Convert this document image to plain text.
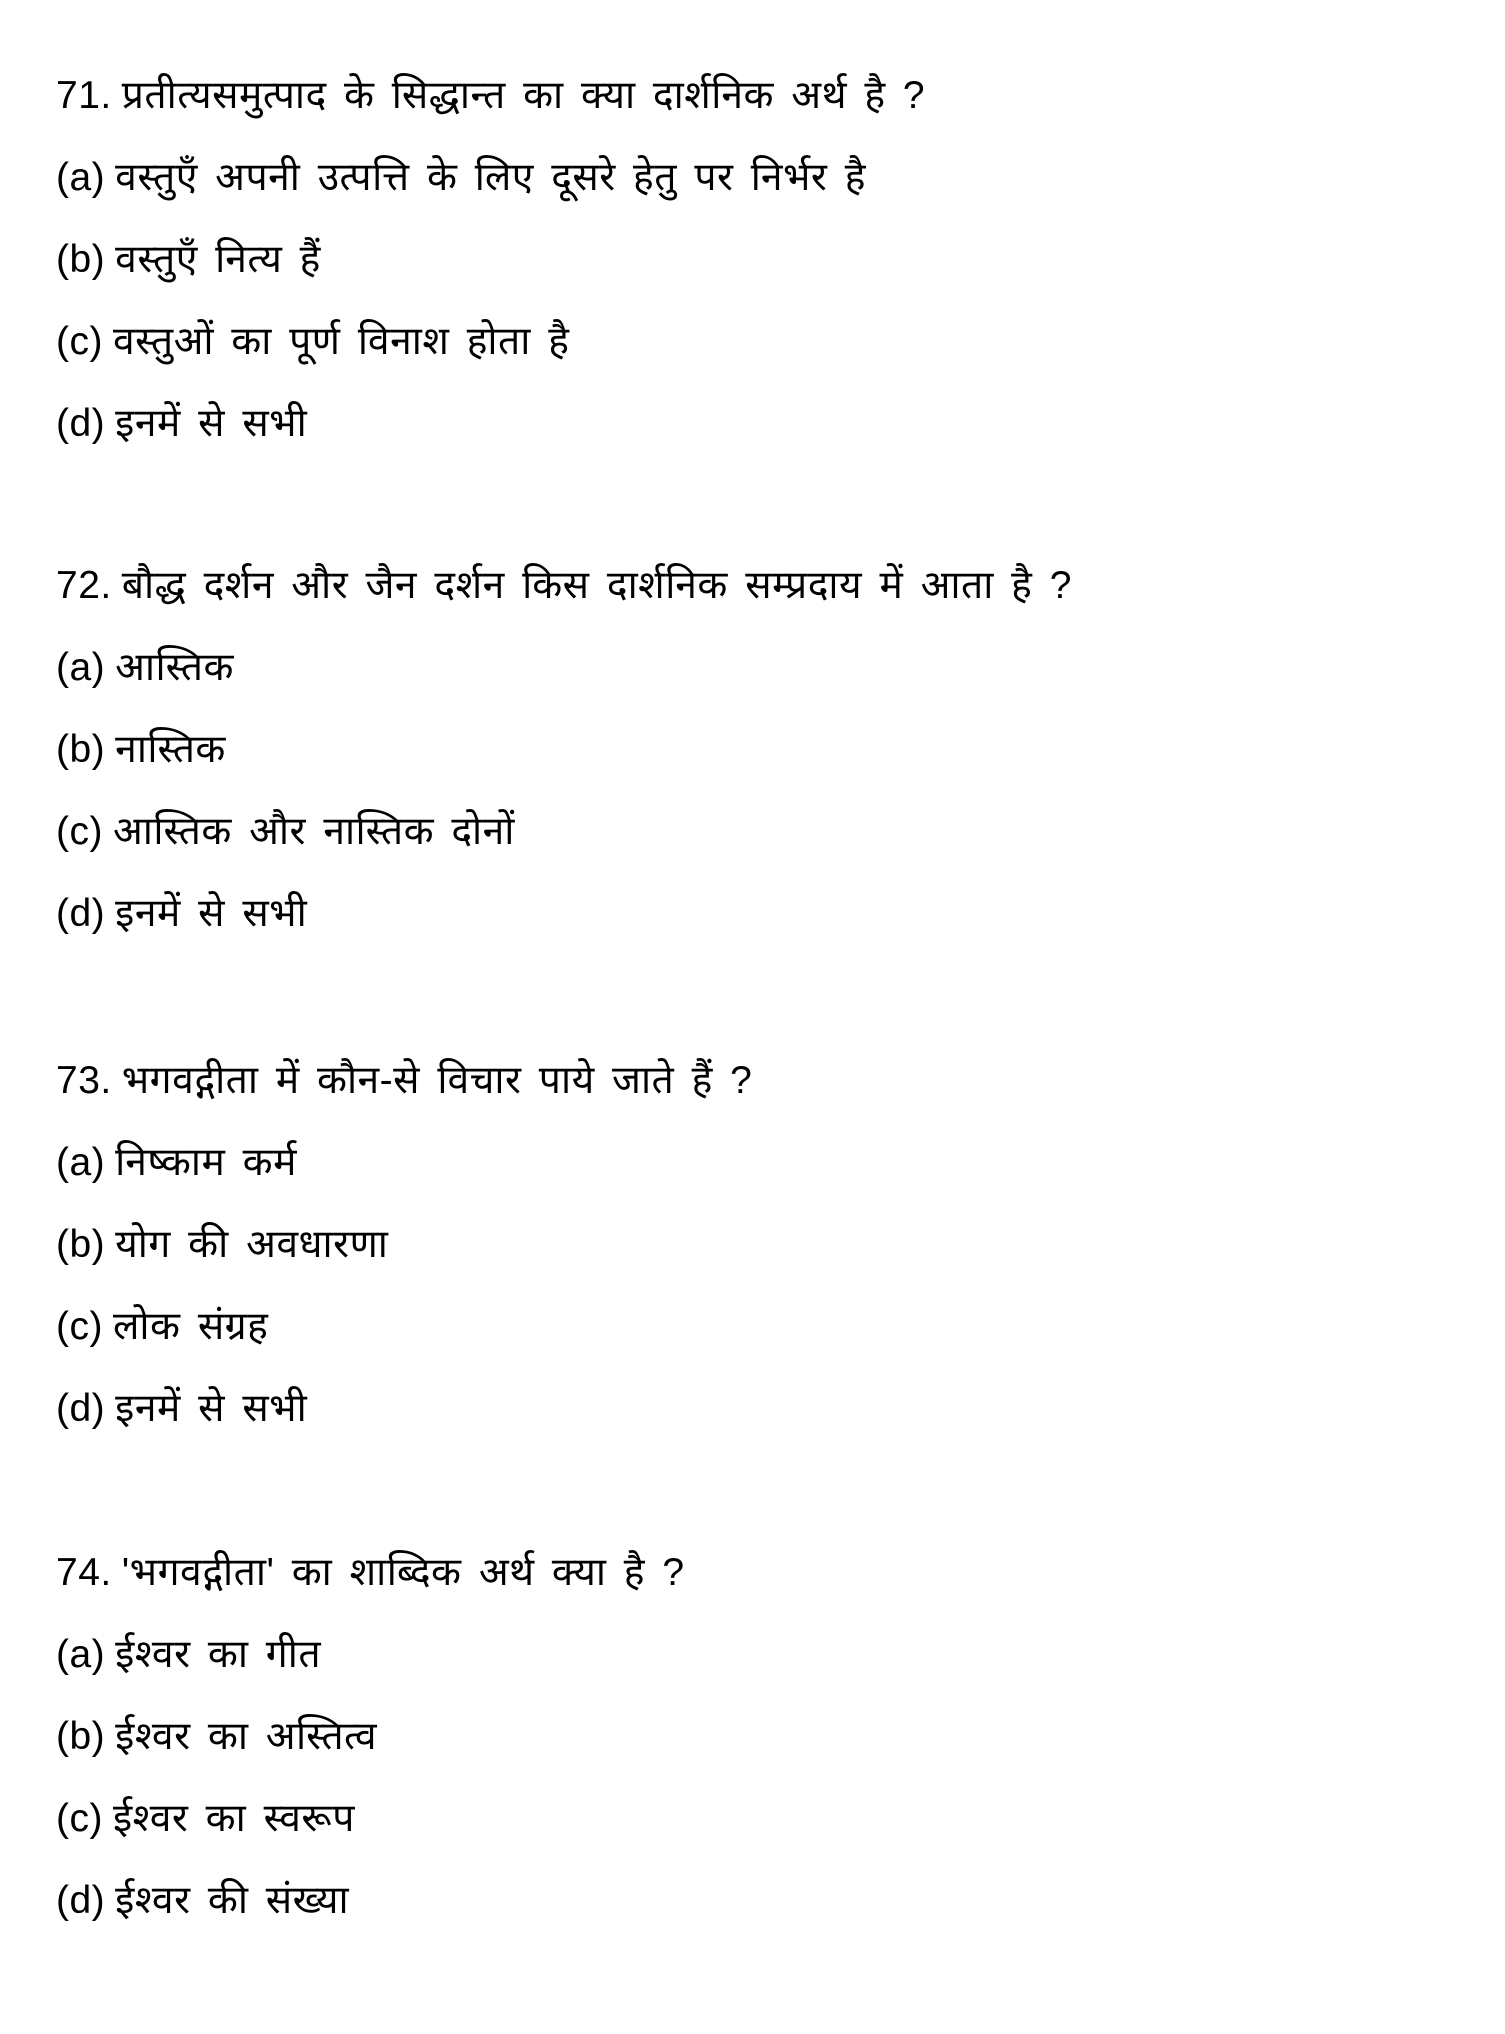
71. प्रतीत्यसमुत्पाद के सिद्धान्त का क्या दार्शनिक अर्थ है ?
(a) वस्तुएँ अपनी उत्पत्ति के लिए दूसरे हेतु पर निर्भर है
(b) वस्तुएँ नित्य हैं
(c) वस्तुओं का पूर्ण विनाश होता है
(d) इनमें से सभी
72. बौद्ध दर्शन और जैन दर्शन किस दार्शनिक सम्प्रदाय में आता है ?
(a) आस्तिक
(b) नास्तिक
(c) आस्तिक और नास्तिक दोनों
(d) इनमें से सभी
73. भगवद्गीता में कौन-से विचार पाये जाते हैं ?
(a) निष्काम कर्म
(b) योग की अवधारणा
(c) लोक संग्रह
(d) इनमें से सभी
74. 'भगवद्गीता' का शाब्दिक अर्थ क्या है ?
(a) ईश्वर का गीत
(b) ईश्वर का अस्तित्व
(c) ईश्वर का स्वरूप
(d) ईश्वर की संख्या
